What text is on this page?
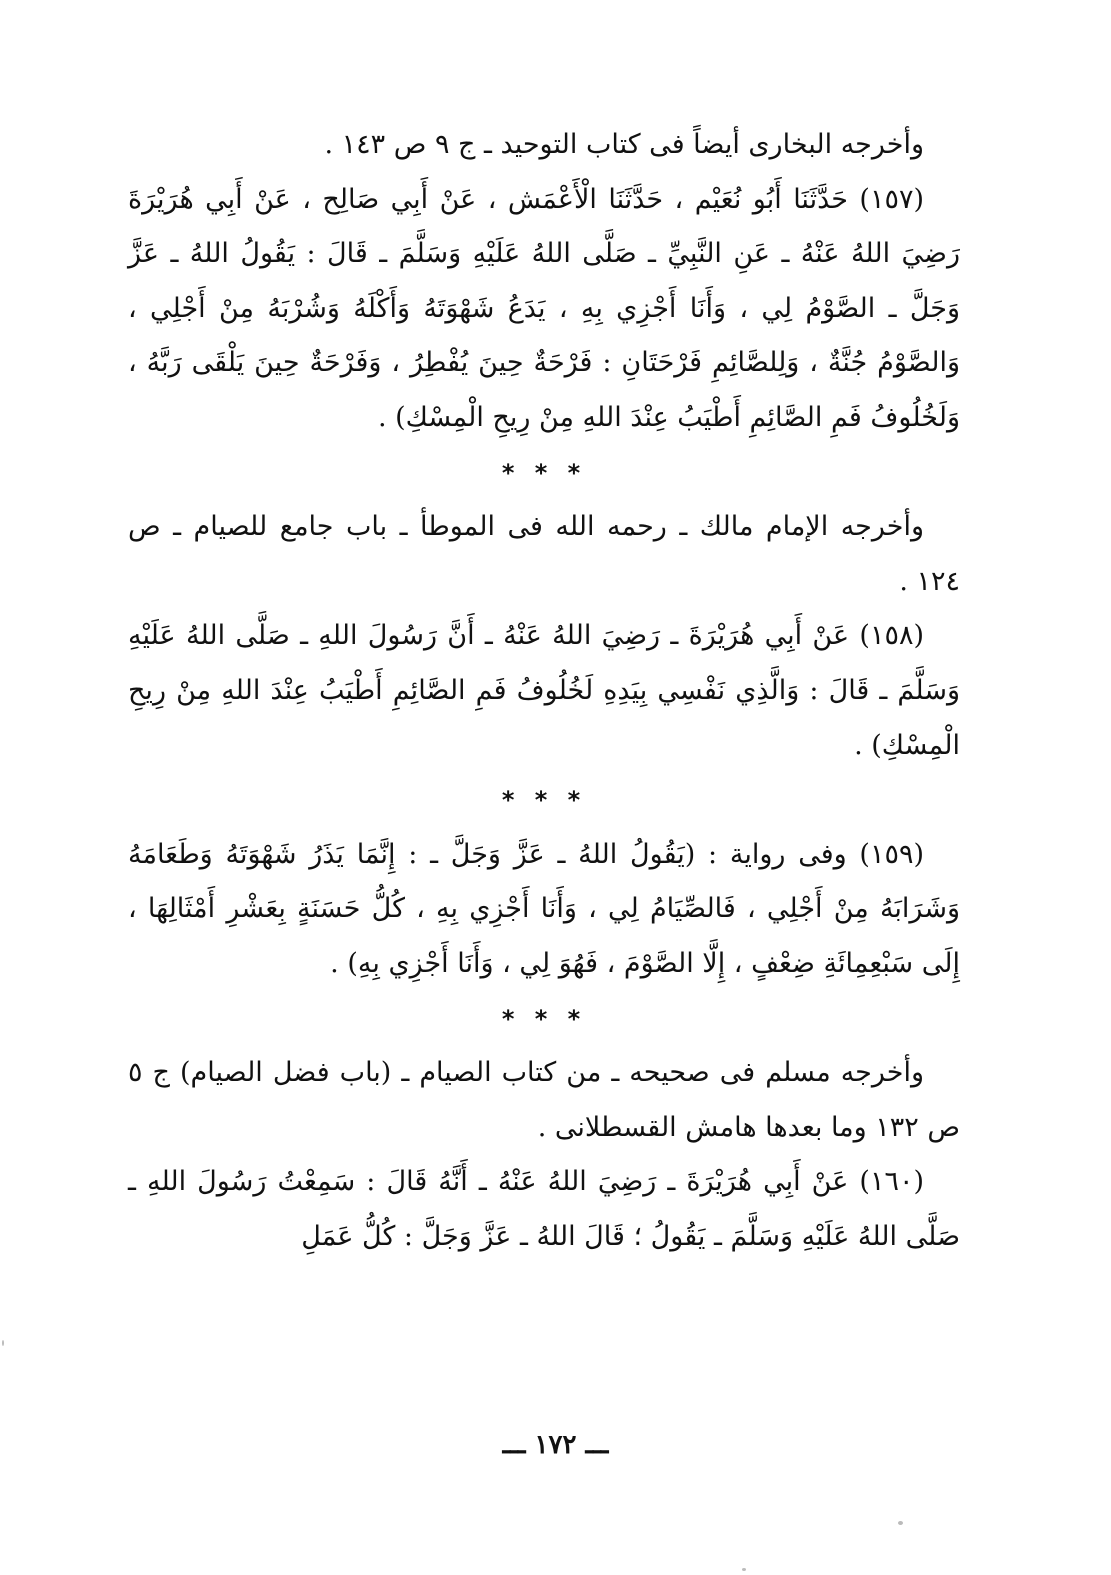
وأخرجه البخارى أيضاً فى كتاب التوحيد ـ ج ٩ ص ١٤٣ .

(١٥٧) حَدَّثَنَا أَبُو نُعَيْم ، حَدَّثَنَا الْأَعْمَش ، عَنْ أَبِي صَالِح ، عَنْ أَبِي هُرَيْرَةَ رَضِيَ اللهُ عَنْهُ ـ عَنِ النَّبِيِّ ـ صَلَّى اللهُ عَلَيْهِ وَسَلَّمَ ـ قَالَ : يَقُولُ اللهُ ـ عَزَّ وَجَلَّ ـ الصَّوْمُ لِي ، وَأَنَا أَجْزِي بِهِ ، يَدَعُ شَهْوَتَهُ وَأَكْلَهُ وَشُرْبَهُ مِنْ أَجْلِي ، وَالصَّوْمُ جُنَّةٌ ، وَلِلصَّائِمِ فَرْحَتَانِ : فَرْحَةٌ حِينَ يُفْطِرُ ، وَفَرْحَةٌ حِينَ يَلْقَى رَبَّهُ ، وَلَخُلُوفُ فَمِ الصَّائِمِ أَطْيَبُ عِنْدَ اللهِ مِنْ رِيحِ الْمِسْكِ) .

* * *

وأخرجه الإمام مالك ـ رحمه الله فى الموطأ ـ باب جامع للصيام ـ ص ١٢٤ .

(١٥٨) عَنْ أَبِي هُرَيْرَةَ ـ رَضِيَ اللهُ عَنْهُ ـ أَنَّ رَسُولَ اللهِ ـ صَلَّى اللهُ عَلَيْهِ وَسَلَّمَ ـ قَالَ : وَالَّذِي نَفْسِي بِيَدِهِ لَخُلُوفُ فَمِ الصَّائِمِ أَطْيَبُ عِنْدَ اللهِ مِنْ رِيحِ الْمِسْكِ) .

* * *

(١٥٩) وفى رواية : (يَقُولُ اللهُ ـ عَزَّ وَجَلَّ ـ : إِنَّمَا يَذَرُ شَهْوَتَهُ وَطَعَامَهُ وَشَرَابَهُ مِنْ أَجْلِي ، فَالصِّيَامُ لِي ، وَأَنَا أَجْزِي بِهِ ، كُلُّ حَسَنَةٍ بِعَشْرِ أَمْثَالِهَا ، إِلَى سَبْعِمِائَةِ ضِعْفٍ ، إِلَّا الصَّوْمَ ، فَهُوَ لِي ، وَأَنَا أَجْزِي بِهِ) .

* * *

وأخرجه مسلم فى صحيحه ـ من كتاب الصيام ـ (باب فضل الصيام) ج ٥ ص ١٣٢ وما بعدها هامش القسطلانى .

(١٦٠) عَنْ أَبِي هُرَيْرَةَ ـ رَضِيَ اللهُ عَنْهُ ـ أَنَّهُ قَالَ : سَمِعْتُ رَسُولَ اللهِ ـ صَلَّى اللهُ عَلَيْهِ وَسَلَّمَ ـ يَقُولُ ؛ قَالَ اللهُ ـ عَزَّ وَجَلَّ : كُلُّ عَمَلِ

ـــ ١٧٢ ـــ
